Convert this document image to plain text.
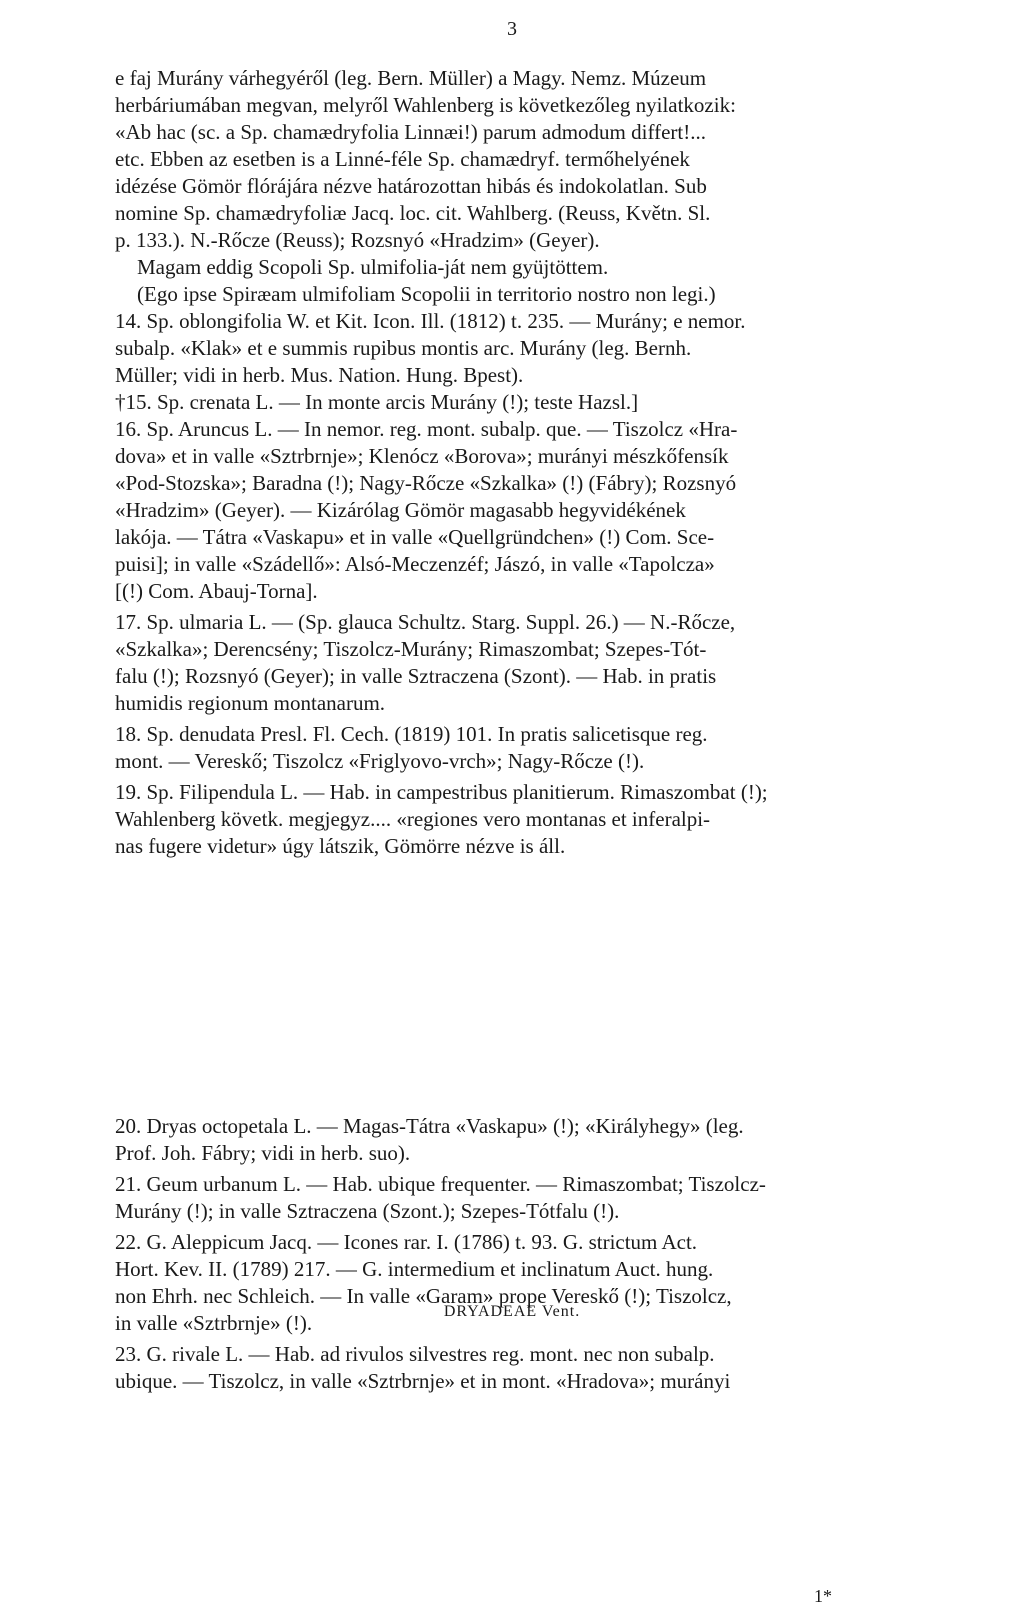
3
e faj Murány várhegyéről (leg. Bern. Müller) a Magy. Nemz. Múzeum
herbáriumában megvan, melyről Wahlenberg is következőleg nyilatkozik:
«Ab hac (sc. a Sp. chamædryfolia Linnæi!) parum admodum differt!...
etc. Ebben az esetben is a Linné-féle Sp. chamædryf. termőhelyének
idézése Gömör flórájára nézve határozottan hibás és indokolatlan. Sub
nomine Sp. chamædryfoliæ Jacq. loc. cit. Wahlberg. (Reuss, Květn. Sl.
p. 133.). N.-Rőcze (Reuss); Rozsnyó «Hradzim» (Geyer).
Magam eddig Scopoli Sp. ulmifolia-ját nem gyüjtöttem.
(Ego ipse Spiræam ulmifoliam Scopolii in territorio nostro non legi.)
14. Sp. oblongifolia W. et Kit. Icon. Ill. (1812) t. 235. — Murány; e nemor.
subalp. «Klak» et e summis rupibus montis arc. Murány (leg. Bernh.
Müller; vidi in herb. Mus. Nation. Hung. Bpest).
†15. Sp. crenata L. — In monte arcis Murány (!); teste Hazsl.]
16. Sp. Aruncus L. — In nemor. reg. mont. subalp. que. — Tiszolcz «Hra-
dova» et in valle «Sztrbrnje»; Klenócz «Borova»; murányi mészkőfensík
«Pod-Stozska»; Baradna (!); Nagy-Rőcze «Szkalka» (!) (Fábry); Rozsnyó
«Hradzim» (Geyer). — Kizárólag Gömör magasabb hegyvidékének
lakója. — Tátra «Vaskapu» et in valle «Quellgründchen» (!) Com. Sce-
puisi]; in valle «Szádellő»: Alsó-Meczenzéf; Jászó, in valle «Tapolcza»
[(!) Com. Abauj-Torna].
17. Sp. ulmaria L. — (Sp. glauca Schultz. Starg. Suppl. 26.) — N.-Rőcze,
«Szkalka»; Derencsény; Tiszolcz-Murány; Rimaszombat; Szepes-Tót-
falu (!); Rozsnyó (Geyer); in valle Sztraczena (Szont). — Hab. in pratis
humidis regionum montanarum.
18. Sp. denudata Presl. Fl. Cech. (1819) 101. In pratis salicetisque reg.
mont. — Vereskő; Tiszolcz «Friglyovo-vrch»; Nagy-Rőcze (!).
19. Sp. Filipendula L. — Hab. in campestribus planitierum. Rimaszombat (!);
Wahlenberg követk. megjegyz.... «regiones vero montanas et inferalpi-
nas fugere videtur» úgy látszik, Gömörre nézve is áll.
DRYADEAE Vent.
20. Dryas octopetala L. — Magas-Tátra «Vaskapu» (!); «Királyhegy» (leg.
Prof. Joh. Fábry; vidi in herb. suo).
21. Geum urbanum L. — Hab. ubique frequenter. — Rimaszombat; Tiszolcz-
Murány (!); in valle Sztraczena (Szont.); Szepes-Tótfalu (!).
22. G. Aleppicum Jacq. — Icones rar. I. (1786) t. 93. G. strictum Act.
Hort. Kev. II. (1789) 217. — G. intermedium et inclinatum Auct. hung.
non Ehrh. nec Schleich. — In valle «Garam» prope Vereskő (!); Tiszolcz,
in valle «Sztrbrnje» (!).
23. G. rivale L. — Hab. ad rivulos silvestres reg. mont. nec non subalp.
ubique. — Tiszolcz, in valle «Sztrbrnje» et in mont. «Hradova»; murányi
1*
